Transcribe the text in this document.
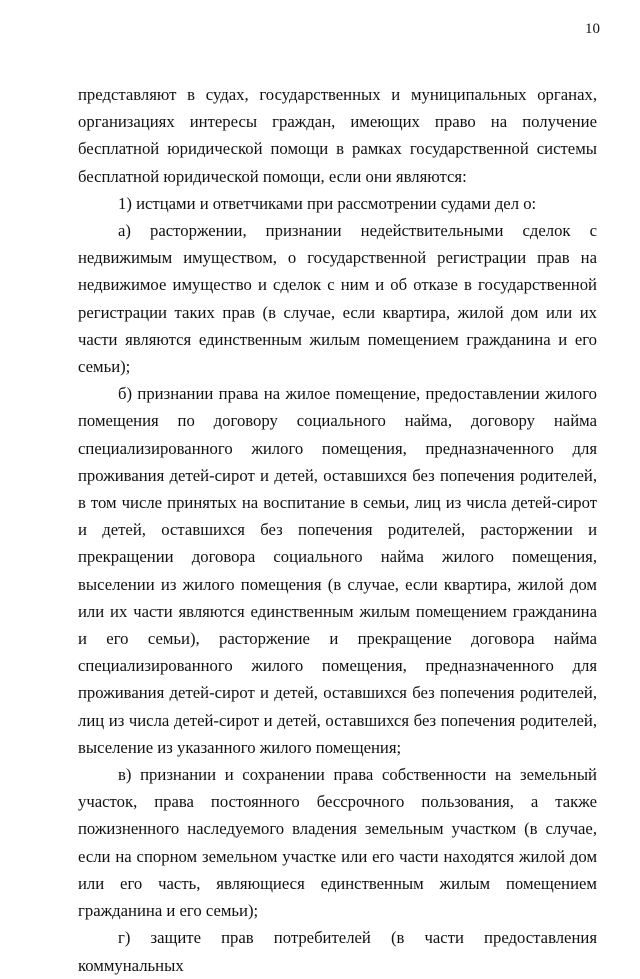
10

представляют в судах, государственных и муниципальных органах, организациях интересы граждан, имеющих право на получение бесплатной юридической помощи в рамках государственной системы бесплатной юридической помощи, если они являются:

1) истцами и ответчиками при рассмотрении судами дел о:

а) расторжении, признании недействительными сделок с недвижимым имуществом, о государственной регистрации прав на недвижимое имущество и сделок с ним и об отказе в государственной регистрации таких прав (в случае, если квартира, жилой дом или их части являются единственным жилым помещением гражданина и его семьи);

б) признании права на жилое помещение, предоставлении жилого помещения по договору социального найма, договору найма специализированного жилого помещения, предназначенного для проживания детей-сирот и детей, оставшихся без попечения родителей, в том числе принятых на воспитание в семьи, лиц из числа детей-сирот и детей, оставшихся без попечения родителей, расторжении и прекращении договора социального найма жилого помещения, выселении из жилого помещения (в случае, если квартира, жилой дом или их части являются единственным жилым помещением гражданина и его семьи), расторжение и прекращение договора найма специализированного жилого помещения, предназначенного для проживания детей-сирот и детей, оставшихся без попечения родителей, лиц из числа детей-сирот и детей, оставшихся без попечения родителей, выселение из указанного жилого помещения;

в) признании и сохранении права собственности на земельный участок, права постоянного бессрочного пользования, а также пожизненного наследуемого владения земельным участком (в случае, если на спорном земельном участке или его части находятся жилой дом или его часть, являющиеся единственным жилым помещением гражданина и его семьи);

г) защите прав потребителей (в части предоставления коммунальных
